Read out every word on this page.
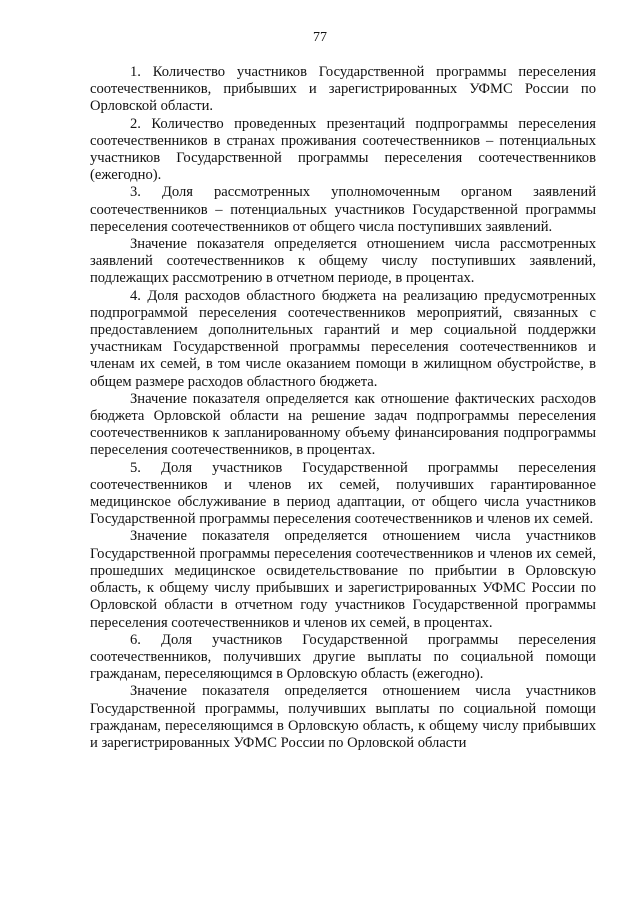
77

1. Количество участников Государственной программы переселения соотечественников, прибывших и зарегистрированных УФМС России по Орловской области.

2. Количество проведенных презентаций подпрограммы переселения соотечественников в странах проживания соотечественников – потенциальных участников Государственной программы переселения соотечественников (ежегодно).

3. Доля рассмотренных уполномоченным органом заявлений соотечественников – потенциальных участников Государственной программы переселения соотечественников от общего числа поступивших заявлений.

Значение показателя определяется отношением числа рассмотренных заявлений соотечественников к общему числу поступивших заявлений, подлежащих рассмотрению в отчетном периоде, в процентах.

4. Доля расходов областного бюджета на реализацию предусмотренных подпрограммой переселения соотечественников мероприятий, связанных с предоставлением дополнительных гарантий и мер социальной поддержки участникам Государственной программы переселения соотечественников и членам их семей, в том числе оказанием помощи в жилищном обустройстве, в общем размере расходов областного бюджета.

Значение показателя определяется как отношение фактических расходов бюджета Орловской области на решение задач подпрограммы переселения соотечественников к запланированному объему финансирования подпрограммы переселения соотечественников, в процентах.

5. Доля участников Государственной программы переселения соотечественников и членов их семей, получивших гарантированное медицинское обслуживание в период адаптации, от общего числа участников Государственной программы переселения соотечественников и членов их семей.

Значение показателя определяется отношением числа участников Государственной программы переселения соотечественников и членов их семей, прошедших медицинское освидетельствование по прибытии в Орловскую область, к общему числу прибывших и зарегистрированных УФМС России по Орловской области в отчетном году участников Государственной программы переселения соотечественников и членов их семей, в процентах.

6. Доля участников Государственной программы переселения соотечественников, получивших другие выплаты по социальной помощи гражданам, переселяющимся в Орловскую область (ежегодно).

Значение показателя определяется отношением числа участников Государственной программы, получивших выплаты по социальной помощи гражданам, переселяющимся в Орловскую область, к общему числу прибывших и зарегистрированных УФМС России по Орловской области
